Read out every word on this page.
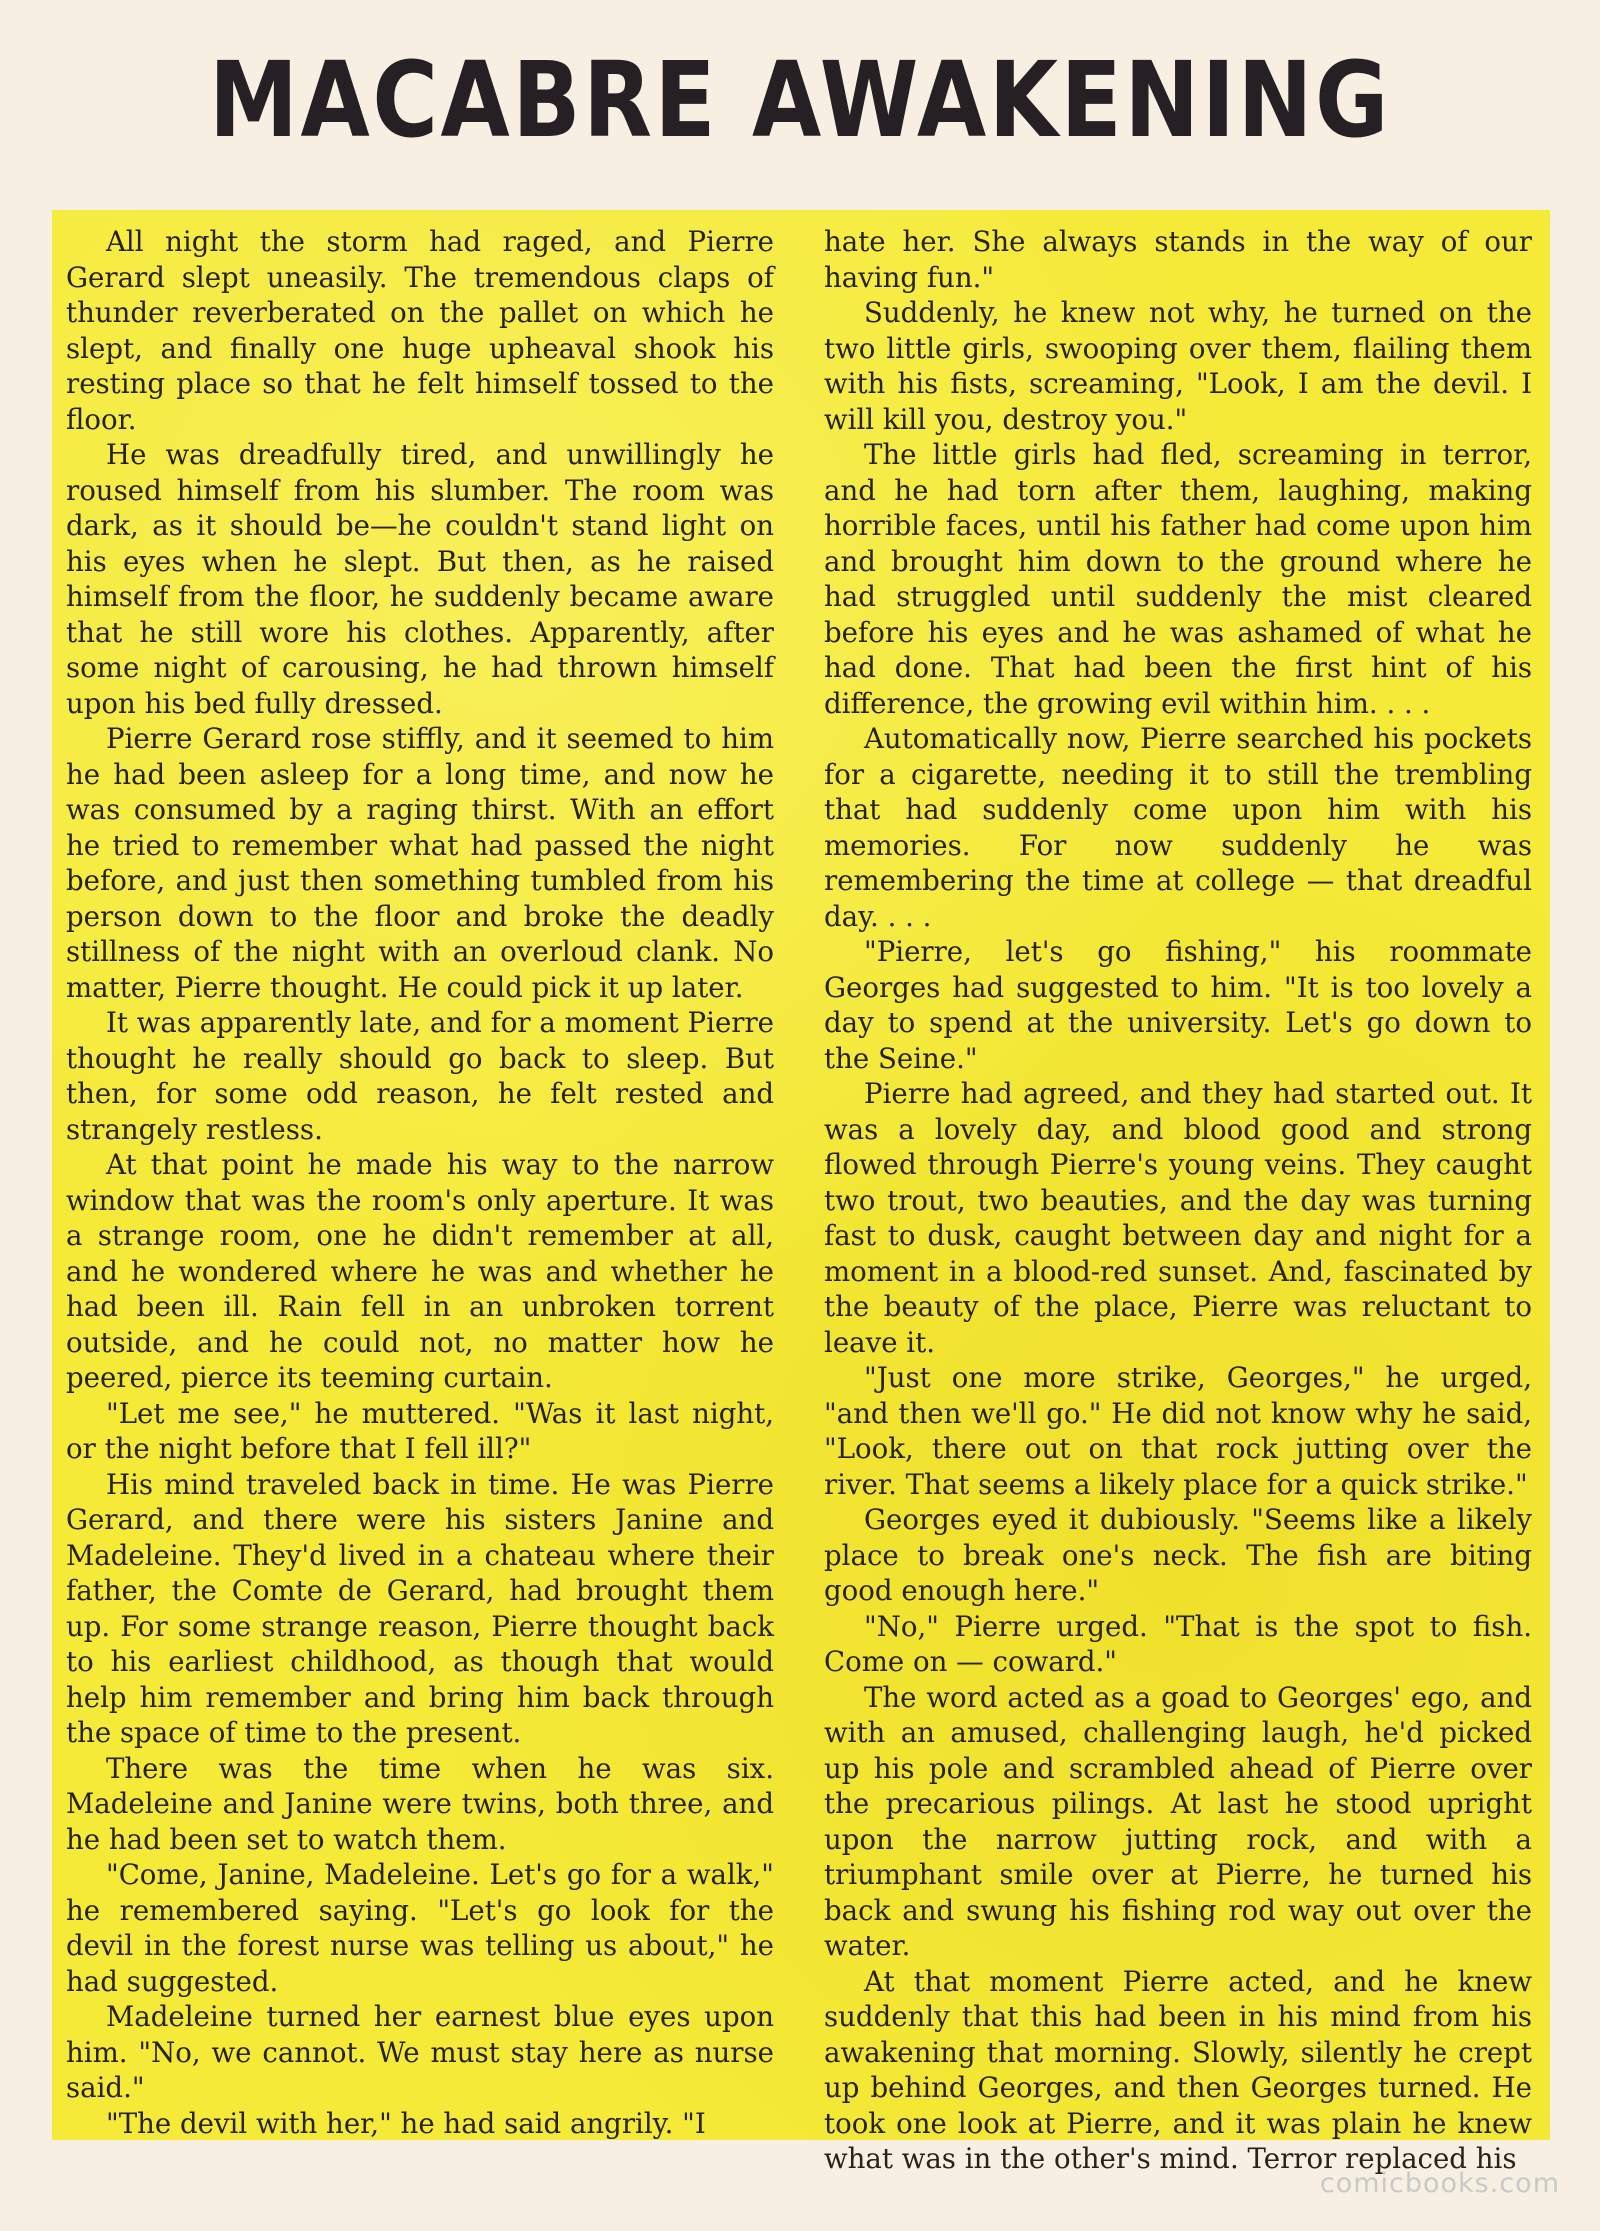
MACABRE AWAKENING

All night the storm had raged, and Pierre Gerard slept uneasily. The tremendous claps of thunder reverberated on the pallet on which he slept, and finally one huge upheaval shook his resting place so that he felt himself tossed to the floor.

He was dreadfully tired, and unwillingly he roused himself from his slumber. The room was dark, as it should be—he couldn't stand light on his eyes when he slept. But then, as he raised himself from the floor, he suddenly became aware that he still wore his clothes. Apparently, after some night of carousing, he had thrown himself upon his bed fully dressed.

Pierre Gerard rose stiffly, and it seemed to him he had been asleep for a long time, and now he was consumed by a raging thirst. With an effort he tried to remember what had passed the night before, and just then something tumbled from his person down to the floor and broke the deadly stillness of the night with an overloud clank. No matter, Pierre thought. He could pick it up later.

It was apparently late, and for a moment Pierre thought he really should go back to sleep. But then, for some odd reason, he felt rested and strangely restless.

At that point he made his way to the narrow window that was the room's only aperture. It was a strange room, one he didn't remember at all, and he wondered where he was and whether he had been ill. Rain fell in an unbroken torrent outside, and he could not, no matter how he peered, pierce its teeming curtain.

"Let me see," he muttered. "Was it last night, or the night before that I fell ill?"

His mind traveled back in time. He was Pierre Gerard, and there were his sisters Janine and Madeleine. They'd lived in a chateau where their father, the Comte de Gerard, had brought them up. For some strange reason, Pierre thought back to his earliest childhood, as though that would help him remember and bring him back through the space of time to the present.

There was the time when he was six. Madeleine and Janine were twins, both three, and he had been set to watch them.

"Come, Janine, Madeleine. Let's go for a walk," he remembered saying. "Let's go look for the devil in the forest nurse was telling us about," he had suggested.

Madeleine turned her earnest blue eyes upon him. "No, we cannot. We must stay here as nurse said."

"The devil with her," he had said angrily. "I

hate her. She always stands in the way of our having fun."

Suddenly, he knew not why, he turned on the two little girls, swooping over them, flailing them with his fists, screaming, "Look, I am the devil. I will kill you, destroy you."

The little girls had fled, screaming in terror, and he had torn after them, laughing, making horrible faces, until his father had come upon him and brought him down to the ground where he had struggled until suddenly the mist cleared before his eyes and he was ashamed of what he had done. That had been the first hint of his difference, the growing evil within him. . . .

Automatically now, Pierre searched his pockets for a cigarette, needing it to still the trembling that had suddenly come upon him with his memories. For now suddenly he was remembering the time at college — that dreadful day. . . .

"Pierre, let's go fishing," his roommate Georges had suggested to him. "It is too lovely a day to spend at the university. Let's go down to the Seine."

Pierre had agreed, and they had started out. It was a lovely day, and blood good and strong flowed through Pierre's young veins. They caught two trout, two beauties, and the day was turning fast to dusk, caught between day and night for a moment in a blood-red sunset. And, fascinated by the beauty of the place, Pierre was reluctant to leave it.

"Just one more strike, Georges," he urged, "and then we'll go." He did not know why he said, "Look, there out on that rock jutting over the river. That seems a likely place for a quick strike."

Georges eyed it dubiously. "Seems like a likely place to break one's neck. The fish are biting good enough here."

"No," Pierre urged. "That is the spot to fish. Come on — coward."

The word acted as a goad to Georges' ego, and with an amused, challenging laugh, he'd picked up his pole and scrambled ahead of Pierre over the precarious pilings. At last he stood upright upon the narrow jutting rock, and with a triumphant smile over at Pierre, he turned his back and swung his fishing rod way out over the water.

At that moment Pierre acted, and he knew suddenly that this had been in his mind from his awakening that morning. Slowly, silently he crept up behind Georges, and then Georges turned. He took one look at Pierre, and it was plain he knew what was in the other's mind. Terror replaced his

comicbooks.com
